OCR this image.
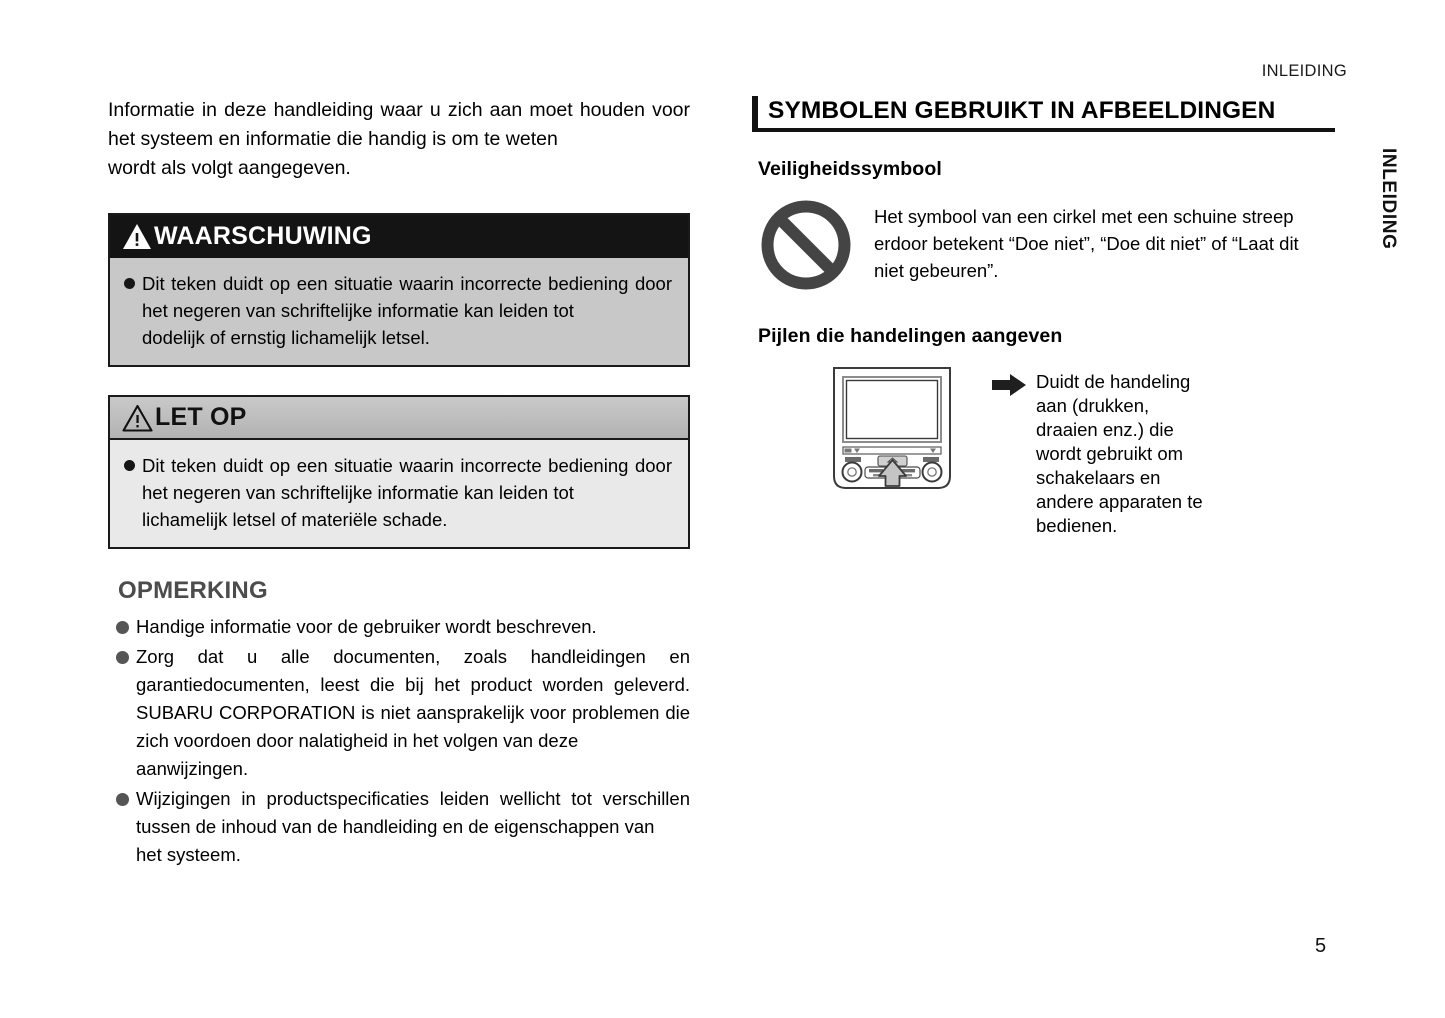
INLEIDING
INLEIDING
5

Informatie in deze handleiding waar u zich aan moet houden voor het systeem en informatie die handig is om te weten
wordt als volgt aangegeven.

WAARSCHUWING
Dit teken duidt op een situatie waarin incorrecte bediening door het negeren van schriftelijke informatie kan leiden tot
dodelijk of ernstig lichamelijk letsel.
LET OP
Dit teken duidt op een situatie waarin incorrecte bediening door het negeren van schriftelijke informatie kan leiden tot
lichamelijk letsel of materiële schade.
OPMERKING
Handige informatie voor de gebruiker wordt beschreven.
Zorg dat u alle documenten, zoals handleidingen en garantiedocumenten, leest die bij het product worden geleverd. SUBARU CORPORATION is niet aansprakelijk voor problemen die zich voordoen door nalatigheid in het volgen van deze
aanwijzingen.
Wijzigingen in productspecificaties leiden wellicht tot verschillen tussen de inhoud van de handleiding en de eigenschappen van
het systeem.
SYMBOLEN GEBRUIKT IN AFBEELDINGEN
Veiligheidssymbool
Het symbool van een cirkel met een schuine streep
erdoor betekent “Doe niet”, “Doe dit niet” of “Laat dit
niet gebeuren”.
Pijlen die handelingen aangeven
Duidt de handeling
aan (drukken,
draaien enz.) die
wordt gebruikt om
schakelaars en
andere apparaten te
bedienen.
